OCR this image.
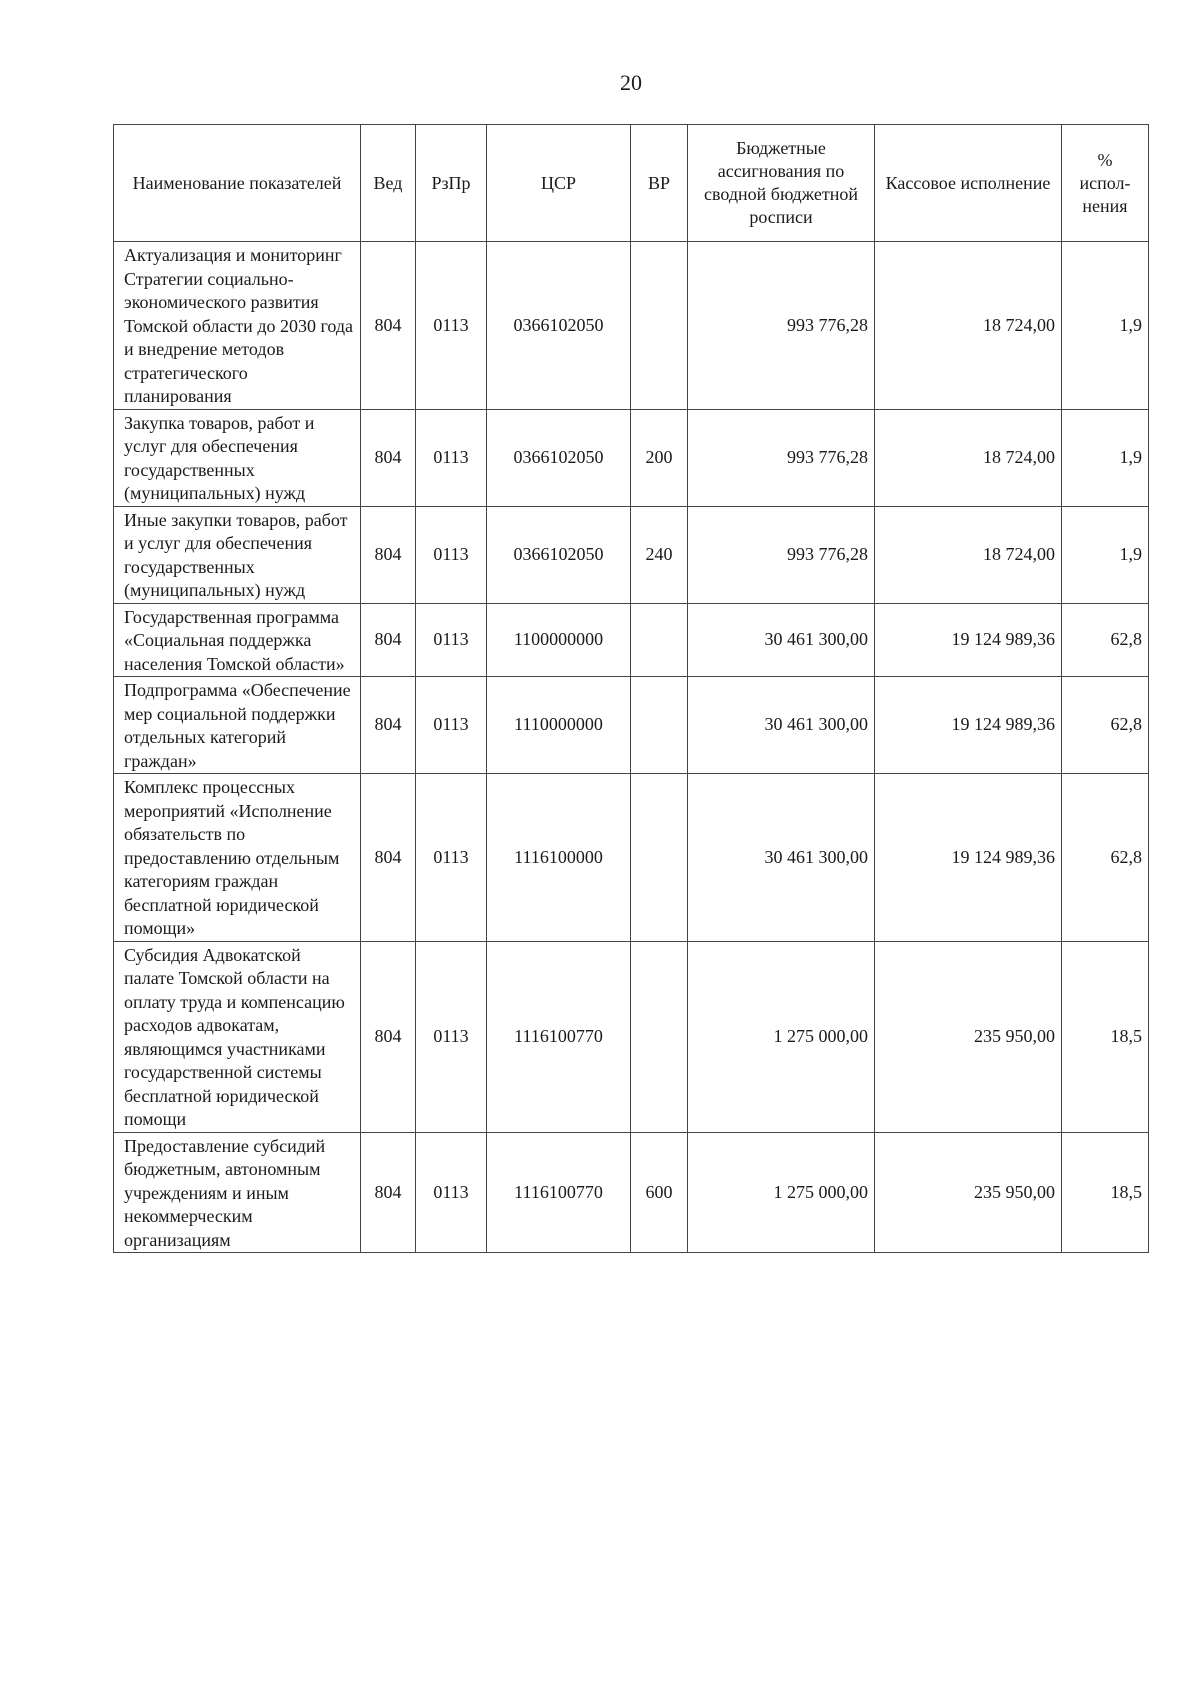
20
Наименование показателей	Вед	РзПр	ЦСР	ВР	Бюджетные ассигнования по сводной бюджетной росписи	Кассовое исполнение	%
испол-
нения
Актуализация и мониторинг Стратегии социально-экономического развития Томской области до 2030 года и внедрение методов стратегического планирования	804	0113	0366102050		993 776,28	18 724,00	1,9
Закупка товаров, работ и услуг для обеспечения государственных (муниципальных) нужд	804	0113	0366102050	200	993 776,28	18 724,00	1,9
Иные закупки товаров, работ и услуг для обеспечения государственных (муниципальных) нужд	804	0113	0366102050	240	993 776,28	18 724,00	1,9
Государственная программа «Социальная поддержка населения Томской области»	804	0113	1100000000		30 461 300,00	19 124 989,36	62,8
Подпрограмма «Обеспечение мер социальной поддержки отдельных категорий граждан»	804	0113	1110000000		30 461 300,00	19 124 989,36	62,8
Комплекс процессных мероприятий «Исполнение обязательств по предоставлению отдельным категориям граждан бесплатной юридической помощи»	804	0113	1116100000		30 461 300,00	19 124 989,36	62,8
Субсидия Адвокатской палате Томской области на оплату труда и компенсацию расходов адвокатам, являющимся участниками государственной системы бесплатной юридической помощи	804	0113	1116100770		1 275 000,00	235 950,00	18,5
Предоставление субсидий бюджетным, автономным учреждениям и иным некоммерческим организациям	804	0113	1116100770	600	1 275 000,00	235 950,00	18,5
